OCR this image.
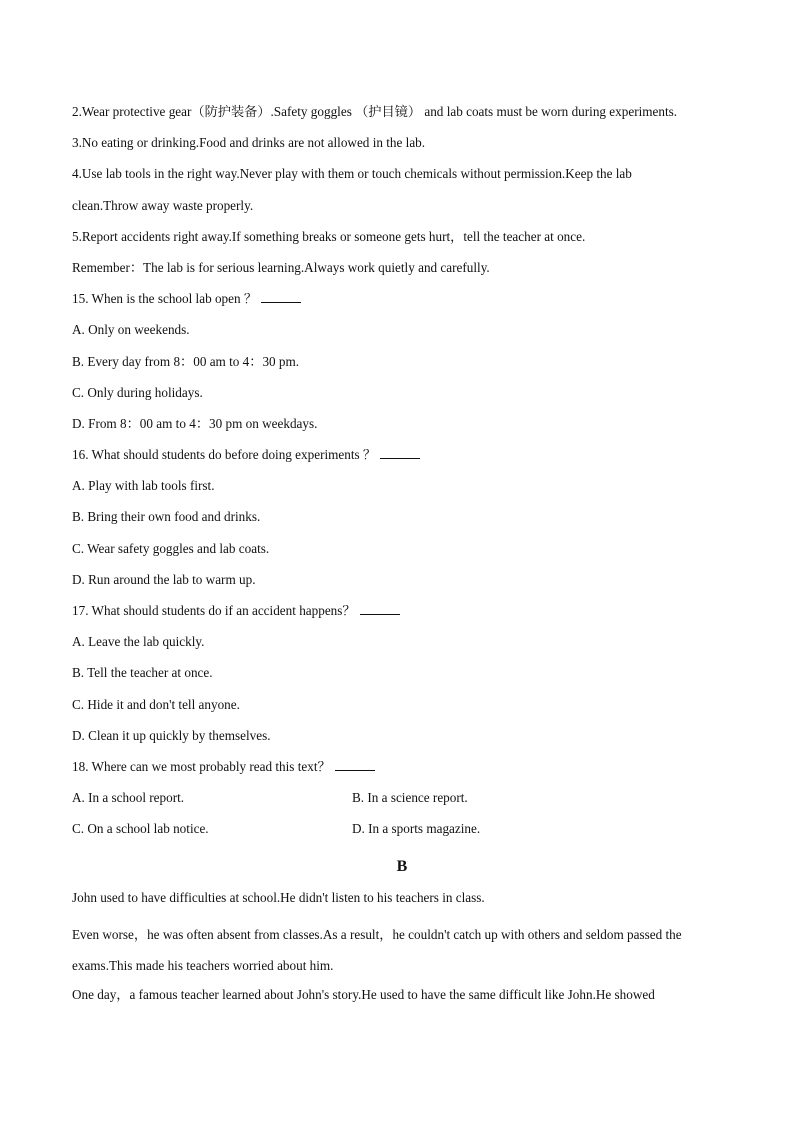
2.Wear protective gear（防护装备）.Safety goggles （护目镜） and lab coats must be worn during experiments.
3.No eating or drinking.Food and drinks are not allowed in the lab.
4.Use lab tools in the right way.Never play with them or touch chemicals without permission.Keep the lab
clean.Throw away waste properly.
5.Report accidents right away.If something breaks or someone gets hurt，tell the teacher at once.
Remember：The lab is for serious learning.Always work quietly and carefully.
15. When is the school lab open ？
A. Only on weekends.
B. Every day from 8：00 am to 4：30 pm.
C. Only during holidays.
D. From 8：00 am to 4：30 pm on weekdays.
16. What should students do before doing experiments ？
A. Play with lab tools first.
B. Bring their own food and drinks.
C. Wear safety goggles and lab coats.
D. Run around the lab to warm up.
17. What should students do if an accident happens？
A. Leave the lab quickly.
B. Tell the teacher at once.
C. Hide it and don't tell anyone.
D. Clean it up quickly by themselves.
18. Where can we most probably read this text？
A. In a school report.	B. In a science report.
C. On a school lab notice.	D. In a sports magazine.
B
John used to have difficulties at school.He didn't listen to his teachers in class.
Even worse，he was often absent from classes.As a result，he couldn't catch up with others and seldom passed the exams.This made his teachers worried about him.
One day，a famous teacher learned about John's story.He used to have the same difficult like John.He showed
